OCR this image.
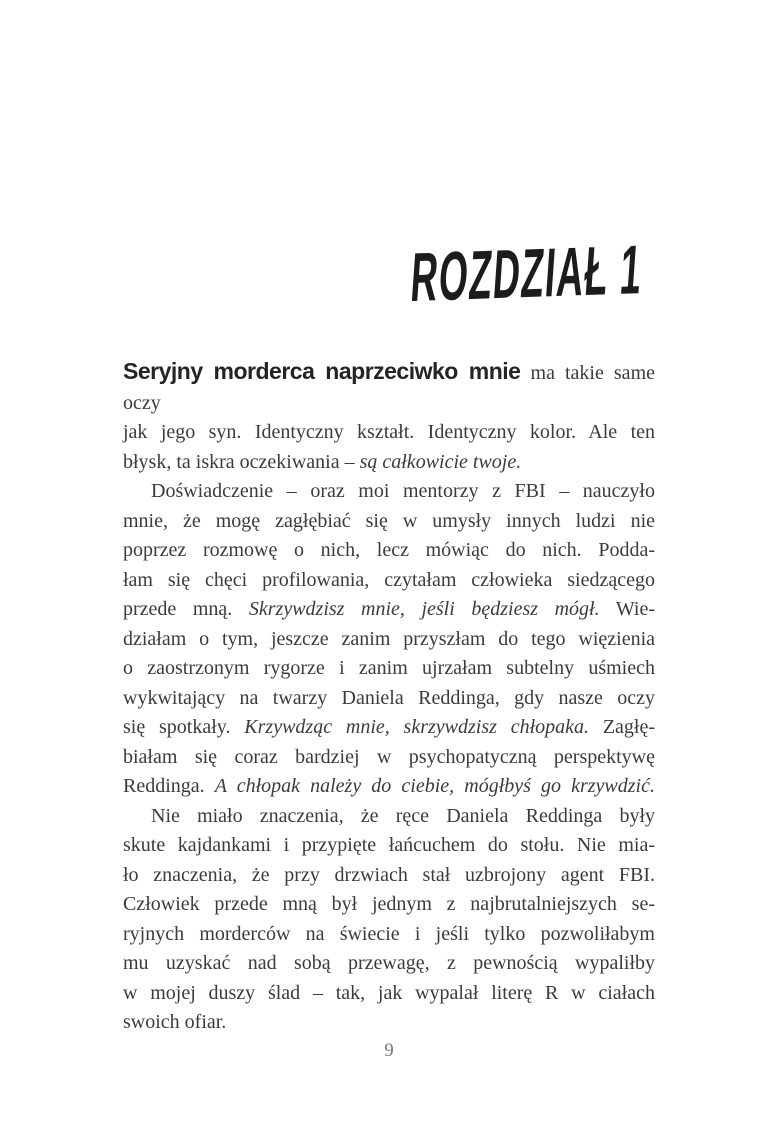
ROZDZIAŁ 1
Seryjny morderca naprzeciwko mnie ma takie same oczy
jak jego syn. Identyczny kształt. Identyczny kolor. Ale ten
błysk, ta iskra oczekiwania – są całkowicie twoje.
Doświadczenie – oraz moi mentorzy z FBI – nauczyło
mnie, że mogę zagłębiać się w umysły innych ludzi nie
poprzez rozmowę o nich, lecz mówiąc do nich. Podda-
łam się chęci profilowania, czytałam człowieka siedzącego
przede mną. Skrzywdzisz mnie, jeśli będziesz mógł. Wie-
działam o tym, jeszcze zanim przyszłam do tego więzienia
o zaostrzonym rygorze i zanim ujrzałam subtelny uśmiech
wykwitający na twarzy Daniela Reddinga, gdy nasze oczy
się spotkały. Krzywdząc mnie, skrzywdzisz chłopaka. Zagłę-
białam się coraz bardziej w psychopatyczną perspektywę
Reddinga. A chłopak należy do ciebie, mógłbyś go krzywdzić.
Nie miało znaczenia, że ręce Daniela Reddinga były
skute kajdankami i przypięte łańcuchem do stołu. Nie mia-
ło znaczenia, że przy drzwiach stał uzbrojony agent FBI.
Człowiek przede mną był jednym z najbrutalniejszych se-
ryjnych morderców na świecie i jeśli tylko pozwoliłabym
mu uzyskać nad sobą przewagę, z pewnością wypaliłby
w mojej duszy ślad – tak, jak wypalał literę R w ciałach
swoich ofiar.
9
